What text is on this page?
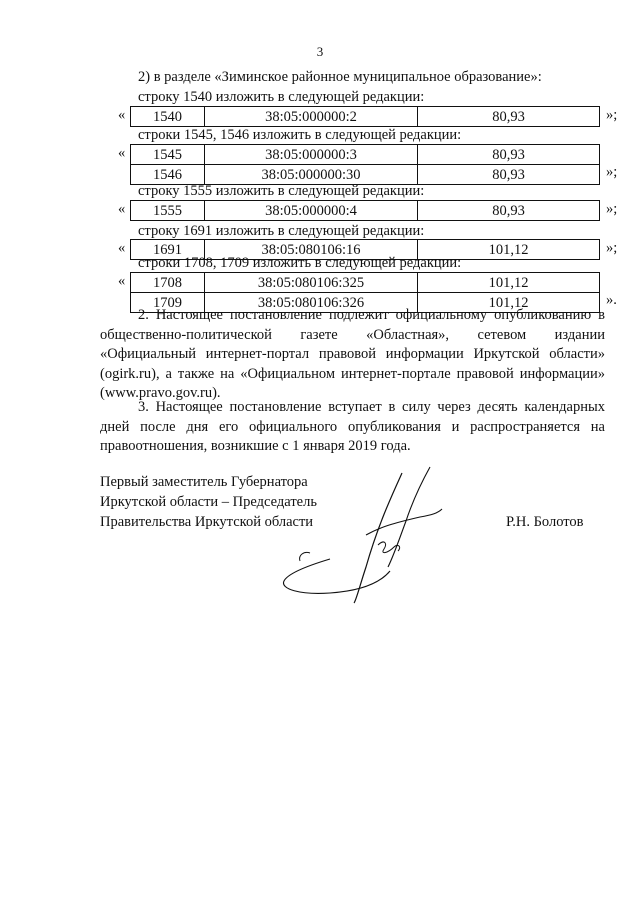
3
2) в разделе «Зиминское районное муниципальное образование»:
строку 1540 изложить в следующей редакции:
« 1540	38:05:000000:2	80,93	»;
строки 1545, 1546 изложить в следующей редакции:
« 1545	38:05:000000:3	80,93
1546	38:05:000000:30	80,93	»;
строку 1555 изложить в следующей редакции:
« 1555	38:05:000000:4	80,93	»;
строку 1691 изложить в следующей редакции:
« 1691	38:05:080106:16	101,12	»;
строки 1708, 1709 изложить в следующей редакции:
« 1708	38:05:080106:325	101,12
1709	38:05:080106:326	101,12	».

2. Настоящее постановление подлежит официальному опубликованию в общественно-политической газете «Областная», сетевом издании «Официальный интернет-портал правовой информации Иркутской области» (ogirk.ru), а также на «Официальном интернет-портале правовой информации» (www.pravo.gov.ru).

3. Настоящее постановление вступает в силу через десять календарных дней после дня его официального опубликования и распространяется на правоотношения, возникшие с 1 января 2019 года.

Первый заместитель Губернатора
Иркутской области – Председатель
Правительства Иркутской области	Р.Н. Болотов
